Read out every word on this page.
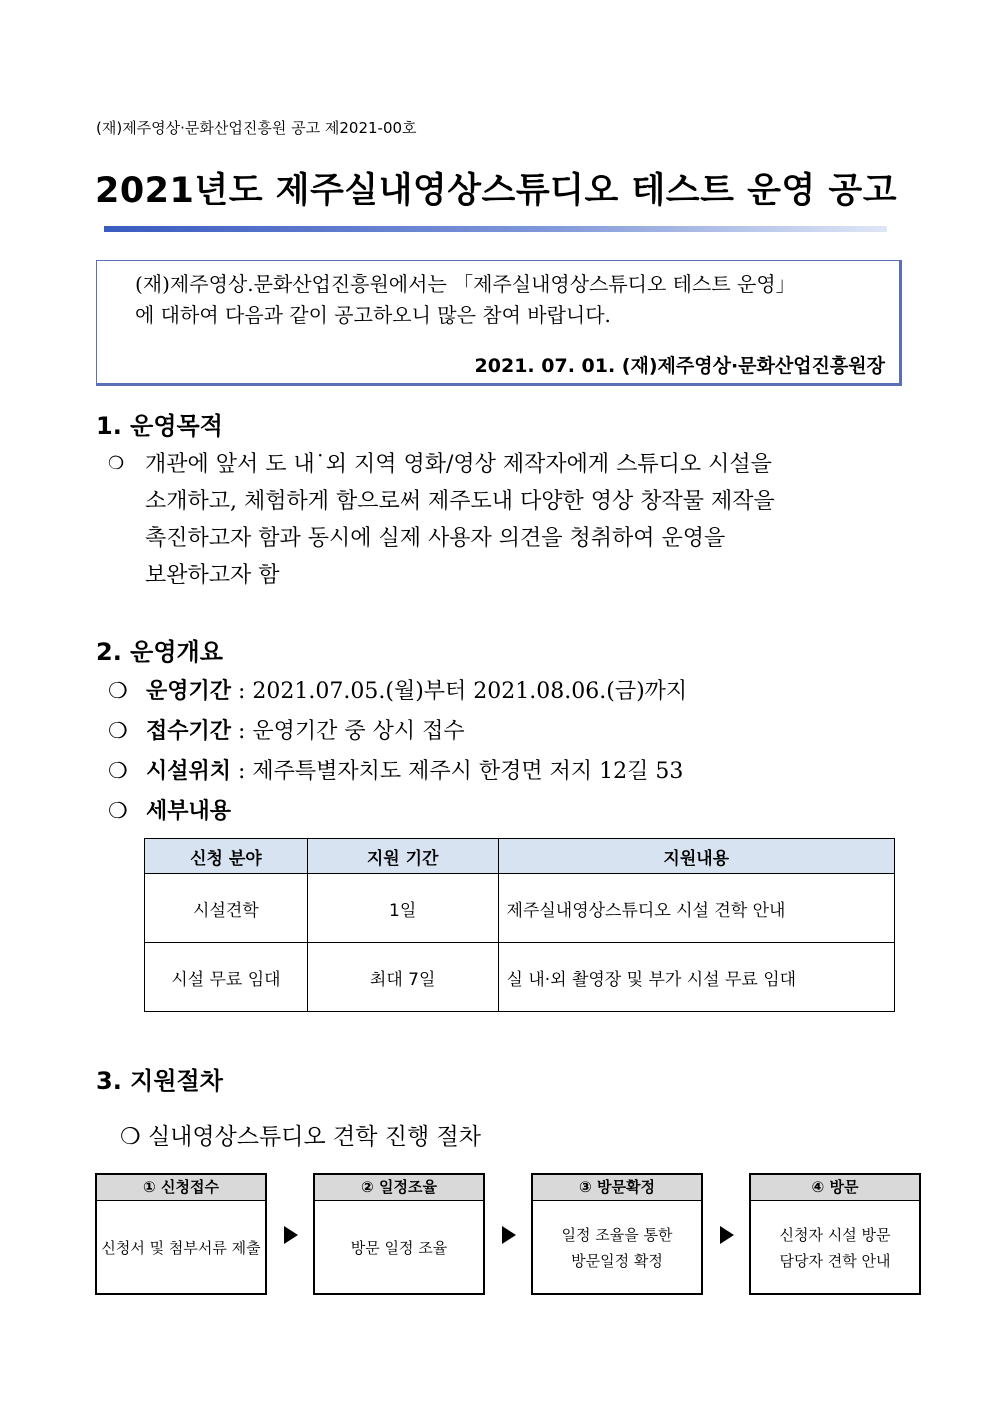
(재)제주영상·문화산업진흥원 공고 제2021-00호
2021년도 제주실내영상스튜디오 테스트 운영 공고
(재)제주영상.문화산업진흥원에서는 「제주실내영상스튜디오 테스트 운영」
에 대하여 다음과 같이 공고하오니 많은 참여 바랍니다.
2021. 07. 01. (재)제주영상·문화산업진흥원장
1. 운영목적
❍ 개관에 앞서 도 내˙외 지역 영화/영상 제작자에게 스튜디오 시설을
소개하고, 체험하게 함으로써 제주도내 다양한 영상 창작물 제작을
촉진하고자 함과 동시에 실제 사용자 의견을 청취하여 운영을
보완하고자 함
2. 운영개요
❍ 운영기간 : 2021.07.05.(월)부터 2021.08.06.(금)까지
❍ 접수기간 : 운영기간 중 상시 접수
❍ 시설위치 : 제주특별자치도 제주시 한경면 저지 12길 53
❍ 세부내용
신청 분야	지원 기간	지원내용
시설견학	1일	제주실내영상스튜디오 시설 견학 안내
시설 무료 임대	최대 7일	실 내·외 촬영장 및 부가 시설 무료 임대
3. 지원절차
❍ 실내영상스튜디오 견학 진행 절차
① 신청접수
신청서 및 첨부서류 제출
② 일정조율
방문 일정 조율
③ 방문확정
일정 조율을 통한
방문일정 확정
④ 방문
신청자 시설 방문
담당자 견학 안내
